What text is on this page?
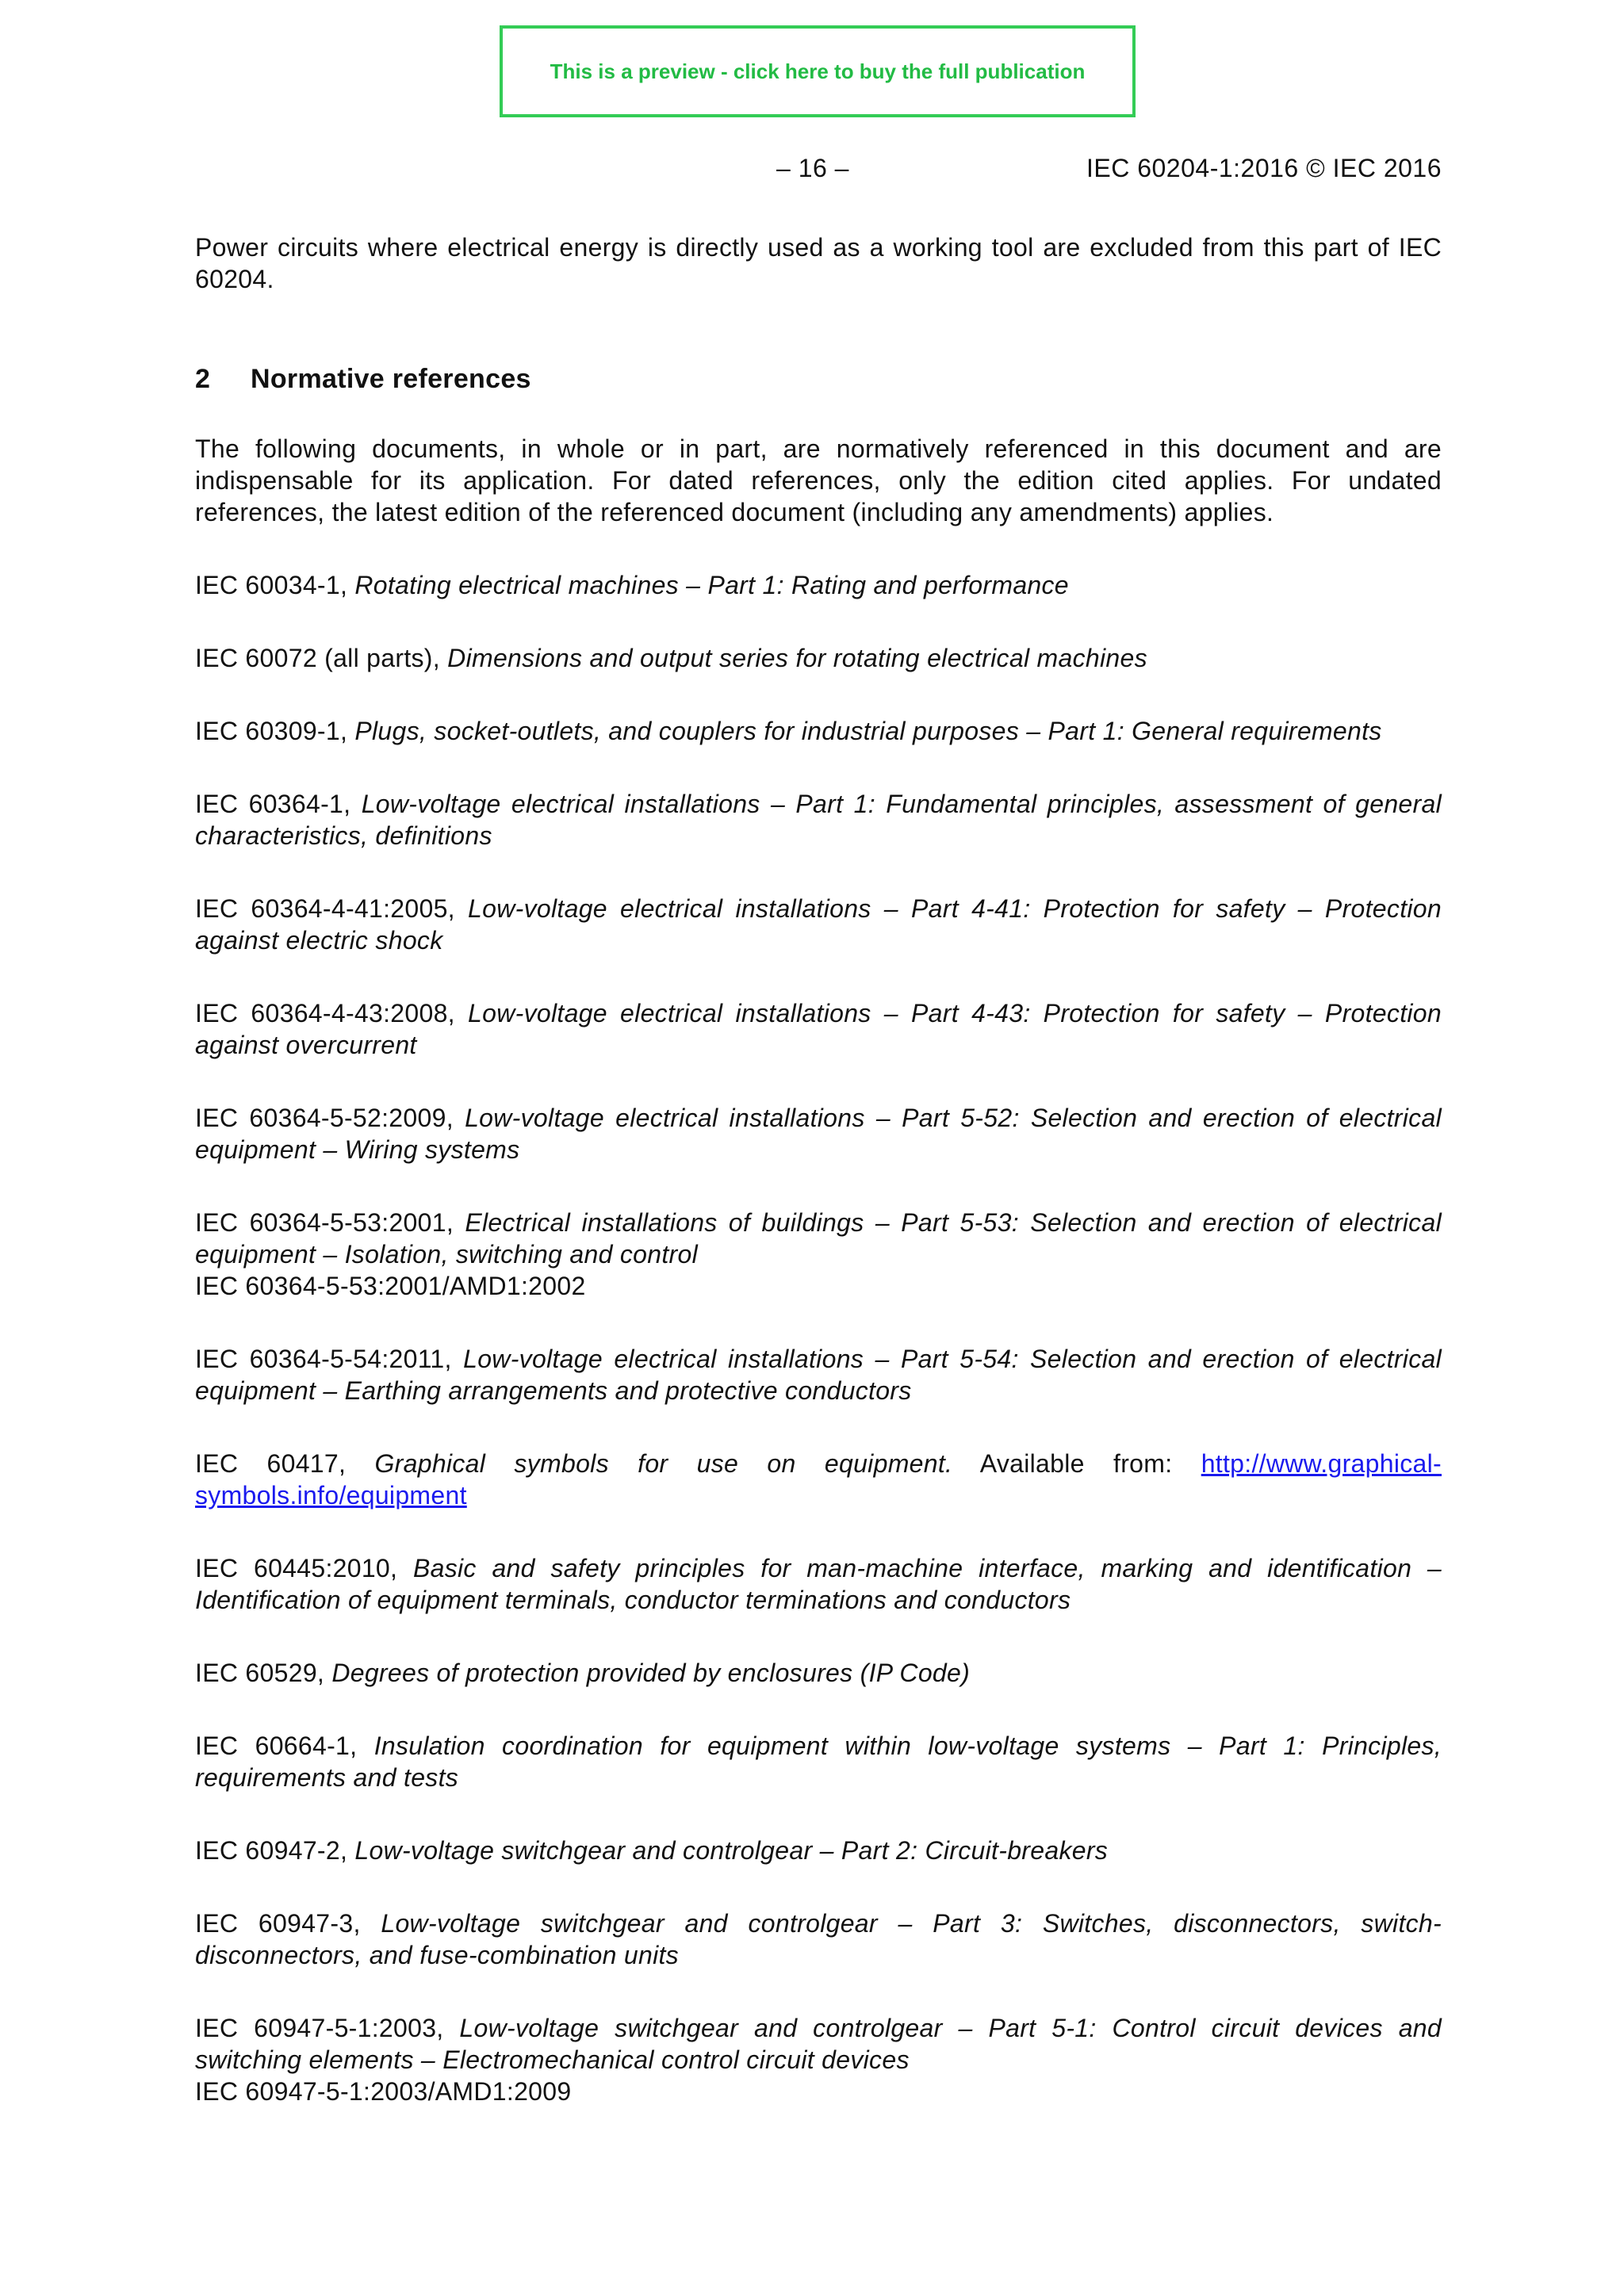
This is a preview - click here to buy the full publication
– 16 –	IEC 60204-1:2016 © IEC 2016

Power circuits where electrical energy is directly used as a working tool are excluded from this part of IEC 60204.

2 Normative references

The following documents, in whole or in part, are normatively referenced in this document and are indispensable for its application. For dated references, only the edition cited applies. For undated references, the latest edition of the referenced document (including any amendments) applies.

IEC 60034-1, Rotating electrical machines – Part 1: Rating and performance

IEC 60072 (all parts), Dimensions and output series for rotating electrical machines

IEC 60309-1, Plugs, socket-outlets, and couplers for industrial purposes – Part 1: General requirements

IEC 60364-1, Low-voltage electrical installations – Part 1: Fundamental principles, assessment of general characteristics, definitions

IEC 60364-4-41:2005, Low-voltage electrical installations – Part 4-41: Protection for safety – Protection against electric shock

IEC 60364-4-43:2008, Low-voltage electrical installations – Part 4-43: Protection for safety – Protection against overcurrent

IEC 60364-5-52:2009, Low-voltage electrical installations – Part 5-52: Selection and erection of electrical equipment – Wiring systems

IEC 60364-5-53:2001, Electrical installations of buildings – Part 5-53: Selection and erection of electrical equipment – Isolation, switching and control
IEC 60364-5-53:2001/AMD1:2002

IEC 60364-5-54:2011, Low-voltage electrical installations – Part 5-54: Selection and erection of electrical equipment – Earthing arrangements and protective conductors

IEC 60417, Graphical symbols for use on equipment. Available from: http://www.graphical-symbols.info/equipment

IEC 60445:2010, Basic and safety principles for man-machine interface, marking and identification – Identification of equipment terminals, conductor terminations and conductors

IEC 60529, Degrees of protection provided by enclosures (IP Code)

IEC 60664-1, Insulation coordination for equipment within low-voltage systems – Part 1: Principles, requirements and tests

IEC 60947-2, Low-voltage switchgear and controlgear – Part 2: Circuit-breakers

IEC 60947-3, Low-voltage switchgear and controlgear – Part 3: Switches, disconnectors, switch-disconnectors, and fuse-combination units

IEC 60947-5-1:2003, Low-voltage switchgear and controlgear – Part 5-1: Control circuit devices and switching elements – Electromechanical control circuit devices
IEC 60947-5-1:2003/AMD1:2009
